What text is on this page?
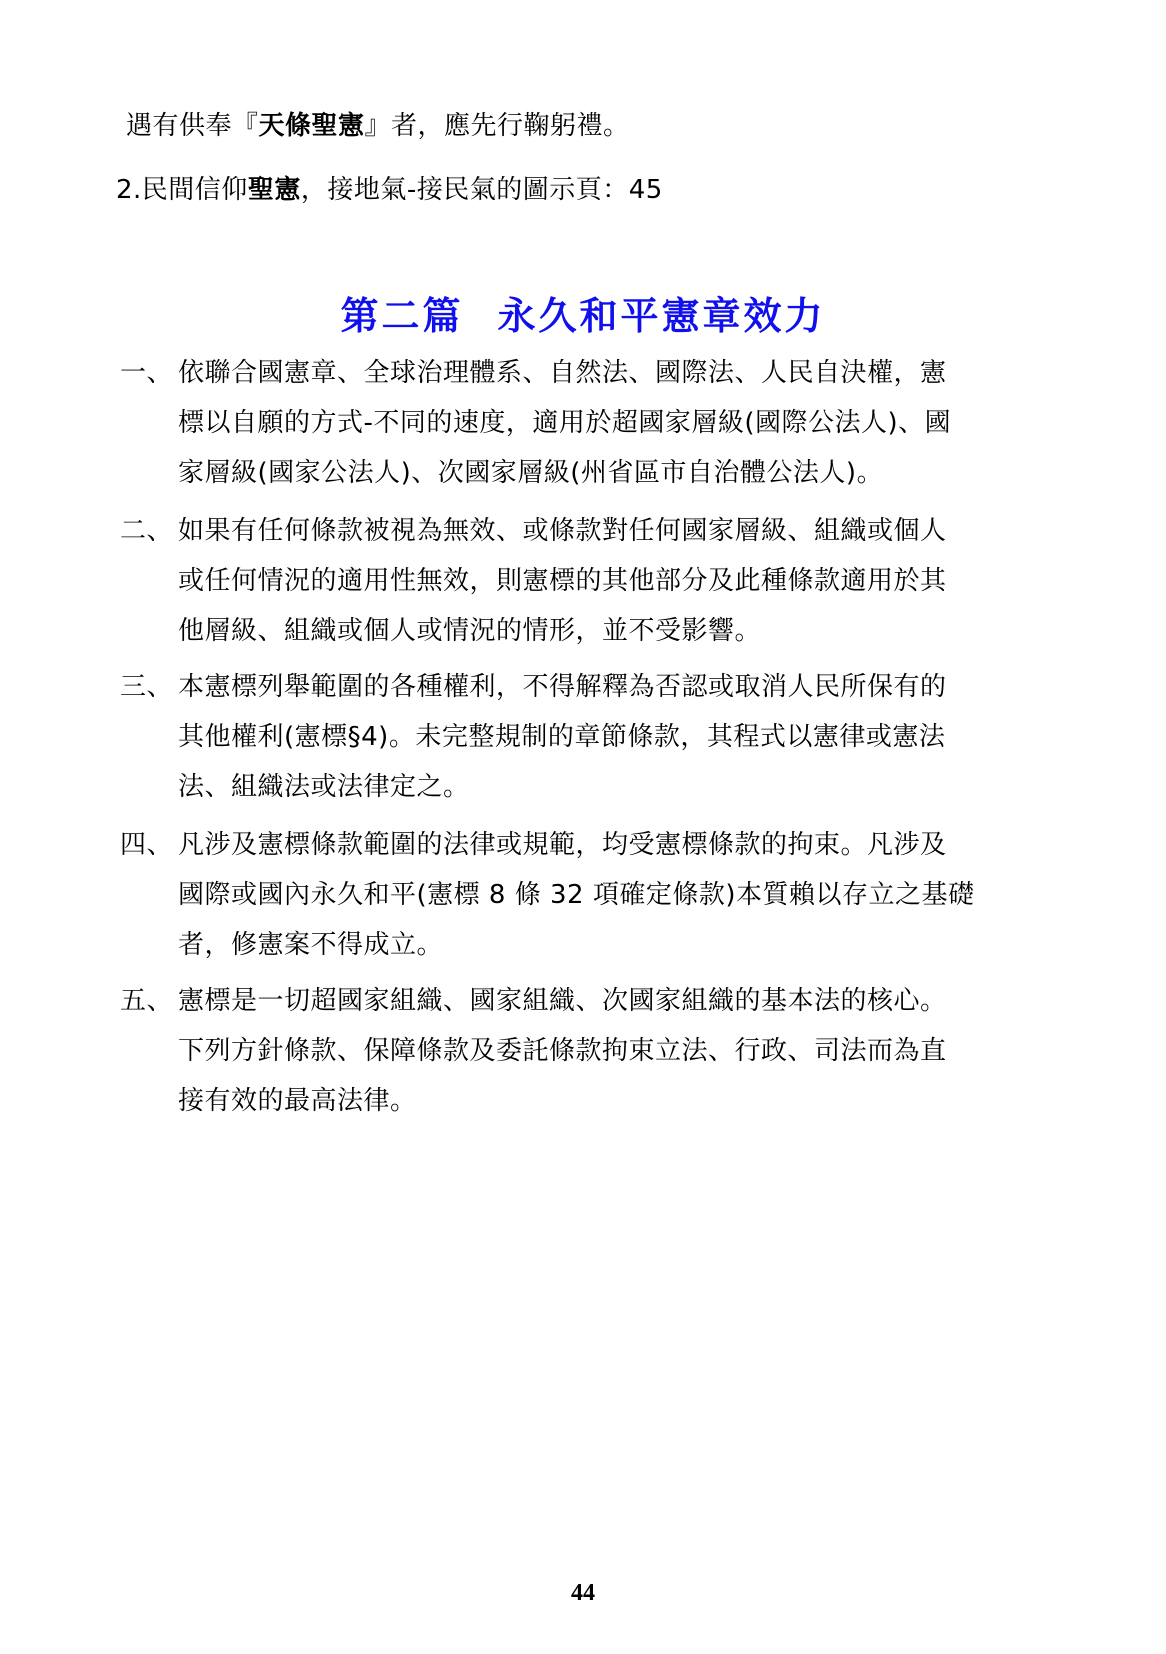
遇有供奉『天條聖憲』者，應先行鞠躬禮。
2.民間信仰聖憲，接地氣-接民氣的圖示頁：45
第二篇 永久和平憲章效力
一、 依聯合國憲章、全球治理體系、自然法、國際法、人民自決權，憲
標以自願的方式-不同的速度，適用於超國家層級(國際公法人)、國
家層級(國家公法人)、次國家層級(州省區市自治體公法人)。
二、 如果有任何條款被視為無效、或條款對任何國家層級、組織或個人
或任何情況的適用性無效，則憲標的其他部分及此種條款適用於其
他層級、組織或個人或情況的情形，並不受影響。
三、 本憲標列舉範圍的各種權利，不得解釋為否認或取消人民所保有的
其他權利(憲標§4)。未完整規制的章節條款，其程式以憲律或憲法
法、組織法或法律定之。
四、 凡涉及憲標條款範圍的法律或規範，均受憲標條款的拘束。凡涉及
國際或國內永久和平(憲標 8 條 32 項確定條款)本質賴以存立之基礎
者，修憲案不得成立。
五、 憲標是一切超國家組織、國家組織、次國家組織的基本法的核心。
下列方針條款、保障條款及委託條款拘束立法、行政、司法而為直
接有效的最高法律。
44
